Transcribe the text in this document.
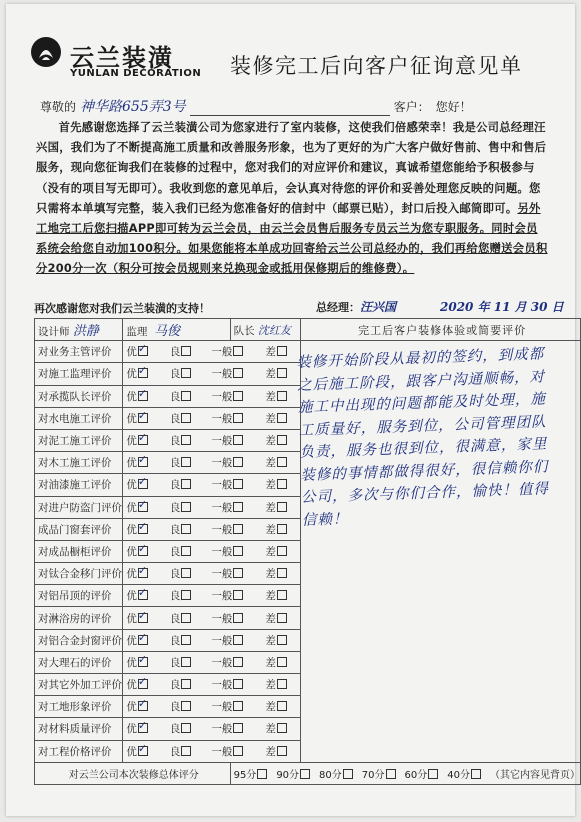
云兰装潢
YUNLAN DECORATION 装修完工后向客户征询意见单
尊敬的 神华路655弄3号	客户：　您好！
首先感谢您选择了云兰装潢公司为您家进行了室内装修，这使我们倍感荣幸！我是公司总经理汪兴国，我们为了不断提高施工质量和改善服务形象，也为了更好的为广大客户做好售前、售中和售后服务，现向您征询我们在装修的过程中，您对我们的对应评价和建议，真诚希望您能给予积极参与（没有的项目写无即可）。我收到您的意见单后，会认真对待您的评价和妥善处理您反映的问题。您只需将本单填写完整，装入我们已经为您准备好的信封中（邮票已贴），封口后投入邮筒即可。另外工地完工后您扫描APP即可转为云兰会员，由云兰会员售后服务专员云兰为您专职服务。同时会员系统会给您自动加100积分。如果您能将本单成功回寄给云兰公司总经办的，我们再给您赠送会员积分200分一次（积分可按会员规则来兑换现金或抵用保修期后的维修费）。
再次感谢您对我们云兰装潢的支持！	总经理：汪兴国	2020 年 11 月 30 日
设计师 洪静	监理 马俊	队长 沈红友	完工后客户装修体验或简要评价
对业务主管评价	优 ✓ 良 一般 差	
对施工监理评价	优 ✓ 良 一般 差
对承揽队长评价	优 ✓ 良 一般 差
对水电施工评价	优 ✓ 良 一般 差
对泥工施工评价	优 ✓ 良 一般 差
对木工施工评价	优 ✓ 良 一般 差
对油漆施工评价	优 ✓ 良 一般 差
对进户防盗门评价	优 ✓ 良 一般 差
成品门窗套评价	优 ✓ 良 一般 差
对成品橱柜评价	优 ✓ 良 一般 差
对钛合金移门评价	优 ✓ 良 一般 差
对铝吊顶的评价	优 ✓ 良 一般 差
对淋浴房的评价	优 ✓ 良 一般 差
对铝合金封窗评价	优 ✓ 良 一般 差
对大理石的评价	优 ✓ 良 一般 差
对其它外加工评价	优 ✓ 良 一般 差
对工地形象评价	优 ✓ 良 一般 差
对材料质量评价	优 ✓ 良 一般 差
对工程价格评价	优 ✓ 良 一般 差
对云兰公司本次装修总体评分		95分 90分 80分 70分 60分 40分 （其它内容见背页）	
装修开始阶段从最初的签约，到成都之后施工阶段，跟客户沟通顺畅，对施工中出现的问题都能及时处理，施工质量好，服务到位，公司管理团队负责，服务也很到位，很满意，家里装修的事情都做得很好，很信赖你们公司，多次与你们合作，愉快！值得信赖！
